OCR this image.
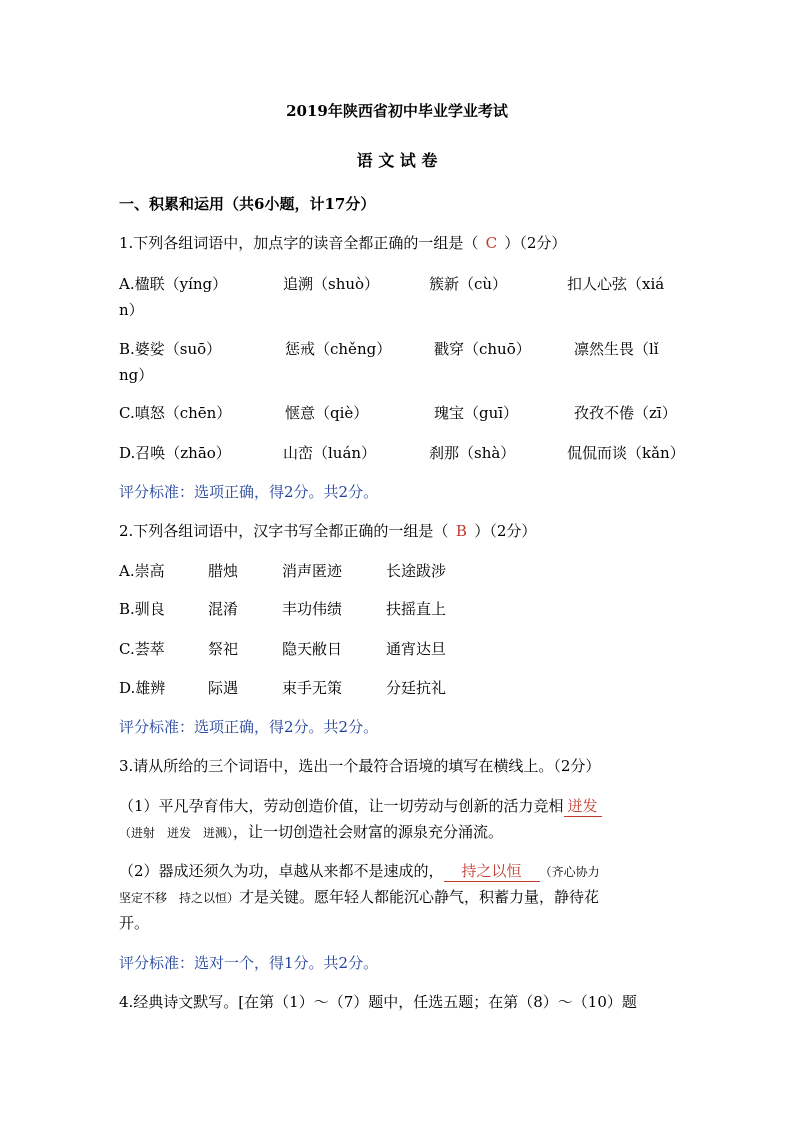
2019年陕西省初中毕业学业考试
语 文 试 卷
一、积累和运用（共6小题，计17分）
1.下列各组词语中，加点字的读音全都正确的一组是（ C ）（2分）
A.楹联（yíng）	追溯（shuò）	簇新（cù）	扣人心弦（xiá
n）
B.婆娑（suō）	惩戒（chěng）	戳穿（chuō）	凛然生畏（lǐ
ng）
C.嗔怒（chēn）	惬意（qiè）	瑰宝（guī）	孜孜不倦（zī）
D.召唤（zhāo）	山峦（luán）	刹那（shà）	侃侃而谈（kǎn）
评分标准：选项正确，得2分。共2分。
2.下列各组词语中，汉字书写全都正确的一组是（ B ）（2分）
A.崇高	腊烛	消声匿迹	长途跋涉
B.驯良	混淆	丰功伟绩	扶摇直上
C.荟萃	祭祀	隐天敝日	通宵达旦
D.雄辨	际遇	束手无策	分廷抗礼
评分标准：选项正确，得2分。共2分。
3.请从所给的三个词语中，选出一个最符合语境的填写在横线上。（2分）
（1）平凡孕育伟大，劳动创造价值，让一切劳动与创新的活力竞相 迸发
（进射　迸发　迸溅），让一切创造社会财富的源泉充分涌流。
（2）器成还须久为功，卓越从来都不是速成的， 持之以恒 （齐心协力
坚定不移　持之以恒）才是关键。愿年轻人都能沉心静气，积蓄力量，静待花
开。
评分标准：选对一个，得1分。共2分。
4.经典诗文默写。[在第（1）～（7）题中，任选五题；在第（8）～（10）题
